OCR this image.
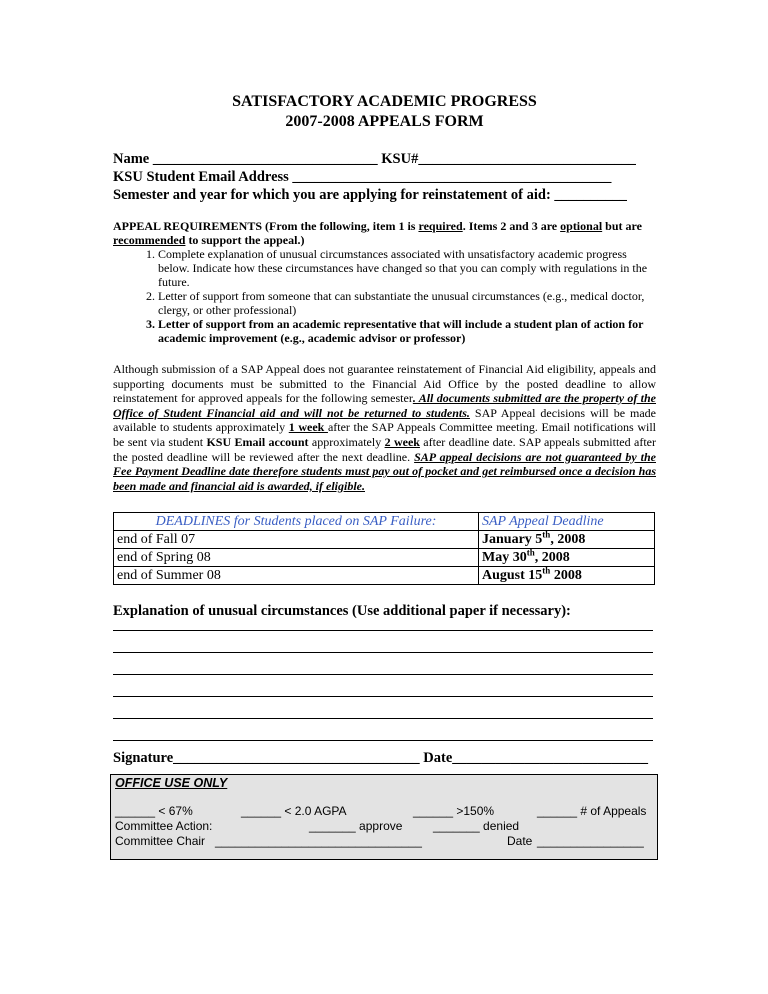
SATISFACTORY ACADEMIC PROGRESS
2007-2008 APPEALS FORM
Name _______________________________ KSU#______________________________
KSU Student Email Address ____________________________________________
Semester and year for which you are applying for reinstatement of aid: __________

APPEAL REQUIREMENTS (From the following, item 1 is required. Items 2 and 3 are optional but are recommended to support the appeal.)

1. Complete explanation of unusual circumstances associated with unsatisfactory academic progress below. Indicate how these circumstances have changed so that you can comply with regulations in the future.
2. Letter of support from someone that can substantiate the unusual circumstances (e.g., medical doctor, clergy, or other professional)
3. Letter of support from an academic representative that will include a student plan of action for academic improvement (e.g., academic advisor or professor)

Although submission of a SAP Appeal does not guarantee reinstatement of Financial Aid eligibility, appeals and supporting documents must be submitted to the Financial Aid Office by the posted deadline to allow reinstatement for approved appeals for the following semester. All documents submitted are the property of the Office of Student Financial aid and will not be returned to students. SAP Appeal decisions will be made available to students approximately 1 week after the SAP Appeals Committee meeting. Email notifications will be sent via student KSU Email account approximately 2 week after deadline date. SAP appeals submitted after the posted deadline will be reviewed after the next deadline. SAP appeal decisions are not guaranteed by the Fee Payment Deadline date therefore students must pay out of pocket and get reimbursed once a decision has been made and financial aid is awarded, if eligible.

DEADLINES for Students placed on SAP Failure:	SAP Appeal Deadline
end of Fall 07	January 5th, 2008
end of Spring 08	May 30th, 2008
end of Summer 08	August 15th 2008
Explanation of unusual circumstances (Use additional paper if necessary):
Signature__________________________________ Date___________________________
OFFICE USE ONLY
______ < 67%	______ < 2.0 AGPA	______ >150%	______ # of Appeals
Committee Action:	_______ approve	_______ denied
Committee Chair _______________________________	Date ________________
